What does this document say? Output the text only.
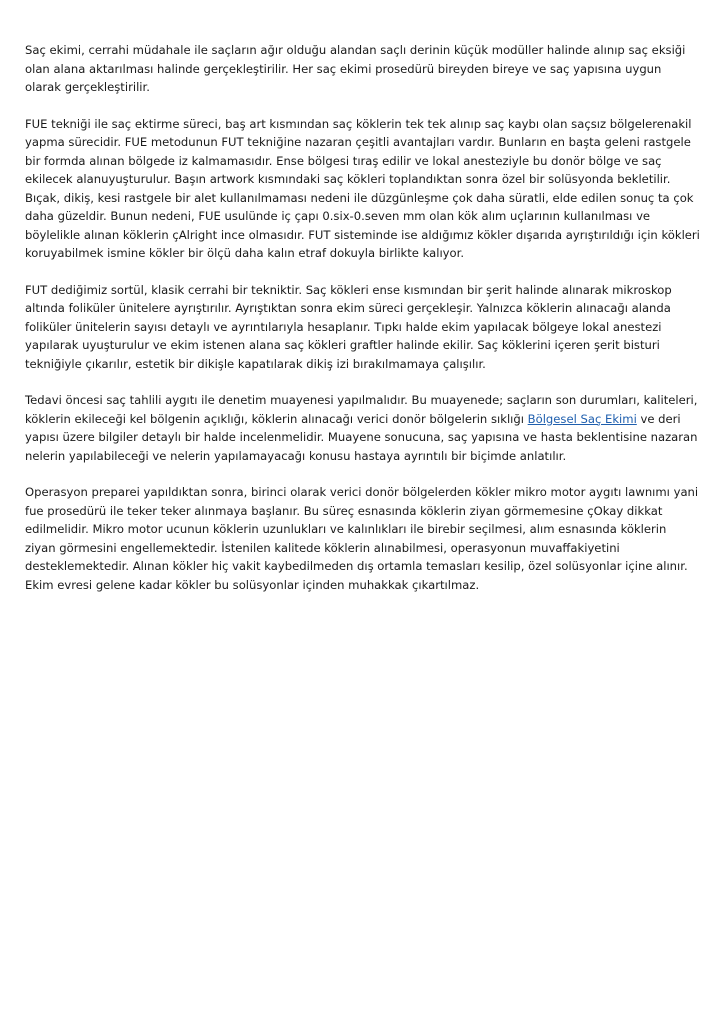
Saç ekimi, cerrahi müdahale ile saçların ağır olduğu alandan saçlı derinin küçük modüller halinde alınıp saç eksiği olan alana aktarılması halinde gerçekleştirilir. Her saç ekimi prosedürü bireyden bireye ve saç yapısına uygun olarak gerçekleştirilir.

FUE tekniği ile saç ektirme süreci, baş art kısmından saç köklerin tek tek alınıp saç kaybı olan saçsız bölgelerenakil yapma sürecidir. FUE metodunun FUT tekniğine nazaran çeşitli avantajları vardır. Bunların en başta geleni rastgele bir formda alınan bölgede iz kalmamasıdır. Ense bölgesi tıraş edilir ve lokal anesteziyle bu donör bölge ve saç ekilecek alanuyuşturulur. Başın artwork kısmındaki saç kökleri toplandıktan sonra özel bir solüsyonda bekletilir. Bıçak, dikiş, kesi rastgele bir alet kullanılmaması nedeni ile düzgünleşme çok daha süratli, elde edilen sonuç ta çok daha güzeldir. Bunun nedeni, FUE usulünde iç çapı 0.six-0.seven mm olan kök alım uçlarının kullanılması ve böylelikle alınan köklerin çAlright ince olmasıdır. FUT sisteminde ise aldığımız kökler dışarıda ayrıştırıldığı için kökleri koruyabilmek ismine kökler bir ölçü daha kalın etraf dokuyla birlikte kalıyor.

FUT dediğimiz sortül, klasik cerrahi bir tekniktir. Saç kökleri ense kısmından bir şerit halinde alınarak mikroskop altında foliküler ünitelere ayrıştırılır. Ayrıştıktan sonra ekim süreci gerçekleşir. Yalnızca köklerin alınacağı alanda foliküler ünitelerin sayısı detaylı ve ayrıntılarıyla hesaplanır. Tıpkı halde ekim yapılacak bölgeye lokal anestezi yapılarak uyuşturulur ve ekim istenen alana saç kökleri graftler halinde ekilir. Saç köklerini içeren şerit bisturi tekniğiyle çıkarılır, estetik bir dikişle kapatılarak dikiş izi bırakılmamaya çalışılır.

Tedavi öncesi saç tahlili aygıtı ile denetim muayenesi yapılmalıdır. Bu muayenede; saçların son durumları, kaliteleri, köklerin ekileceği kel bölgenin açıklığı, köklerin alınacağı verici donör bölgelerin sıklığı Bölgesel Saç Ekimi ve deri yapısı üzere bilgiler detaylı bir halde incelenmelidir. Muayene sonucuna, saç yapısına ve hasta beklentisine nazaran nelerin yapılabileceği ve nelerin yapılamayacağı konusu hastaya ayrıntılı bir biçimde anlatılır.

Operasyon preparei yapıldıktan sonra, birinci olarak verici donör bölgelerden kökler mikro motor aygıtı lawnımı yani fue prosedürü ile teker teker alınmaya başlanır. Bu süreç esnasında köklerin ziyan görmemesine çOkay dikkat edilmelidir. Mikro motor ucunun köklerin uzunlukları ve kalınlıkları ile birebir seçilmesi, alım esnasında köklerin ziyan görmesini engellemektedir. İstenilen kalitede köklerin alınabilmesi, operasyonun muvaffakiyetini desteklemektedir. Alınan kökler hiç vakit kaybedilmeden dış ortamla temasları kesilip, özel solüsyonlar içine alınır. Ekim evresi gelene kadar kökler bu solüsyonlar içinden muhakkak çıkartılmaz.
